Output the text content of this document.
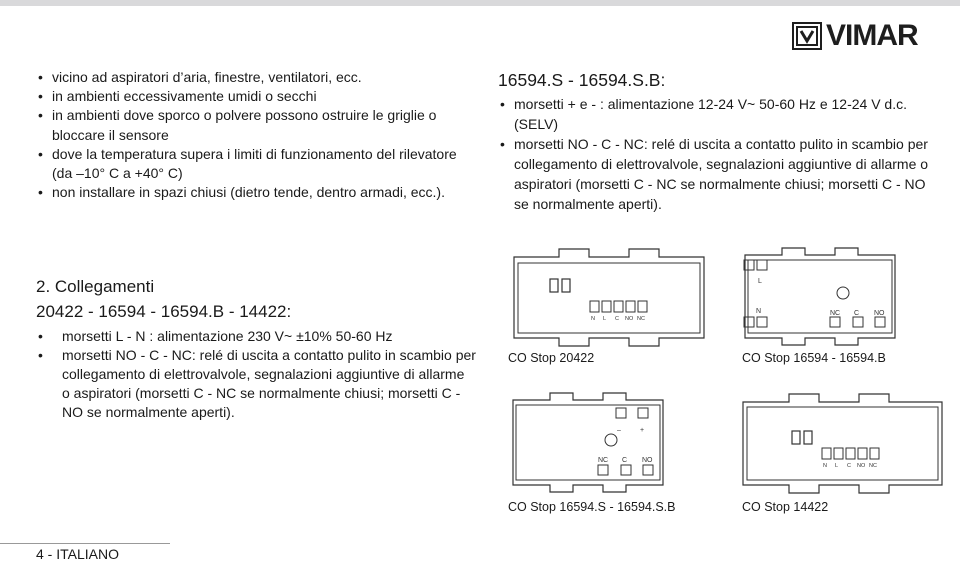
VIMAR
• vicino ad aspiratori d’aria, finestre, ventilatori, ecc.
• in ambienti eccessivamente umidi o secchi
• in ambienti dove sporco o polvere possono ostruire le griglie o bloccare il sensore
• dove la temperatura supera i limiti di funzionamento del rilevatore (da –10° C a +40° C)
• non installare in spazi chiusi (dietro tende, dentro armadi, ecc.).
16594.S - 16594.S.B:
• morsetti + e - : alimentazione 12-24 V~ 50-60 Hz e 12-24 V d.c. (SELV)
• morsetti NO - C - NC: relé di uscita a contatto pulito in scambio per collegamento di elettrovalvole, segnalazioni aggiuntive di allarme o aspiratori (morsetti C - NC se normalmente chiusi; morsetti C - NO se normalmente aperti).
2. Collegamenti
20422 - 16594 - 16594.B - 14422:
• morsetti L - N : alimentazione 230 V~ ±10% 50-60 Hz
• morsetti NO - C - NC: relé di uscita a contatto pulito in scambio per collegamento di elettrovalvole, segnalazioni aggiuntive di allarme o aspiratori (morsetti C - NC se normalmente chiusi; morsetti C - NO se normalmente aperti).
N L C NO NC
CO Stop 20422
L
N	NC C NO
CO Stop 16594 - 16594.B
–	+
NC C NO
CO Stop 16594.S - 16594.S.B
N L C NO NC
CO Stop 14422
4 - ITALIANO
